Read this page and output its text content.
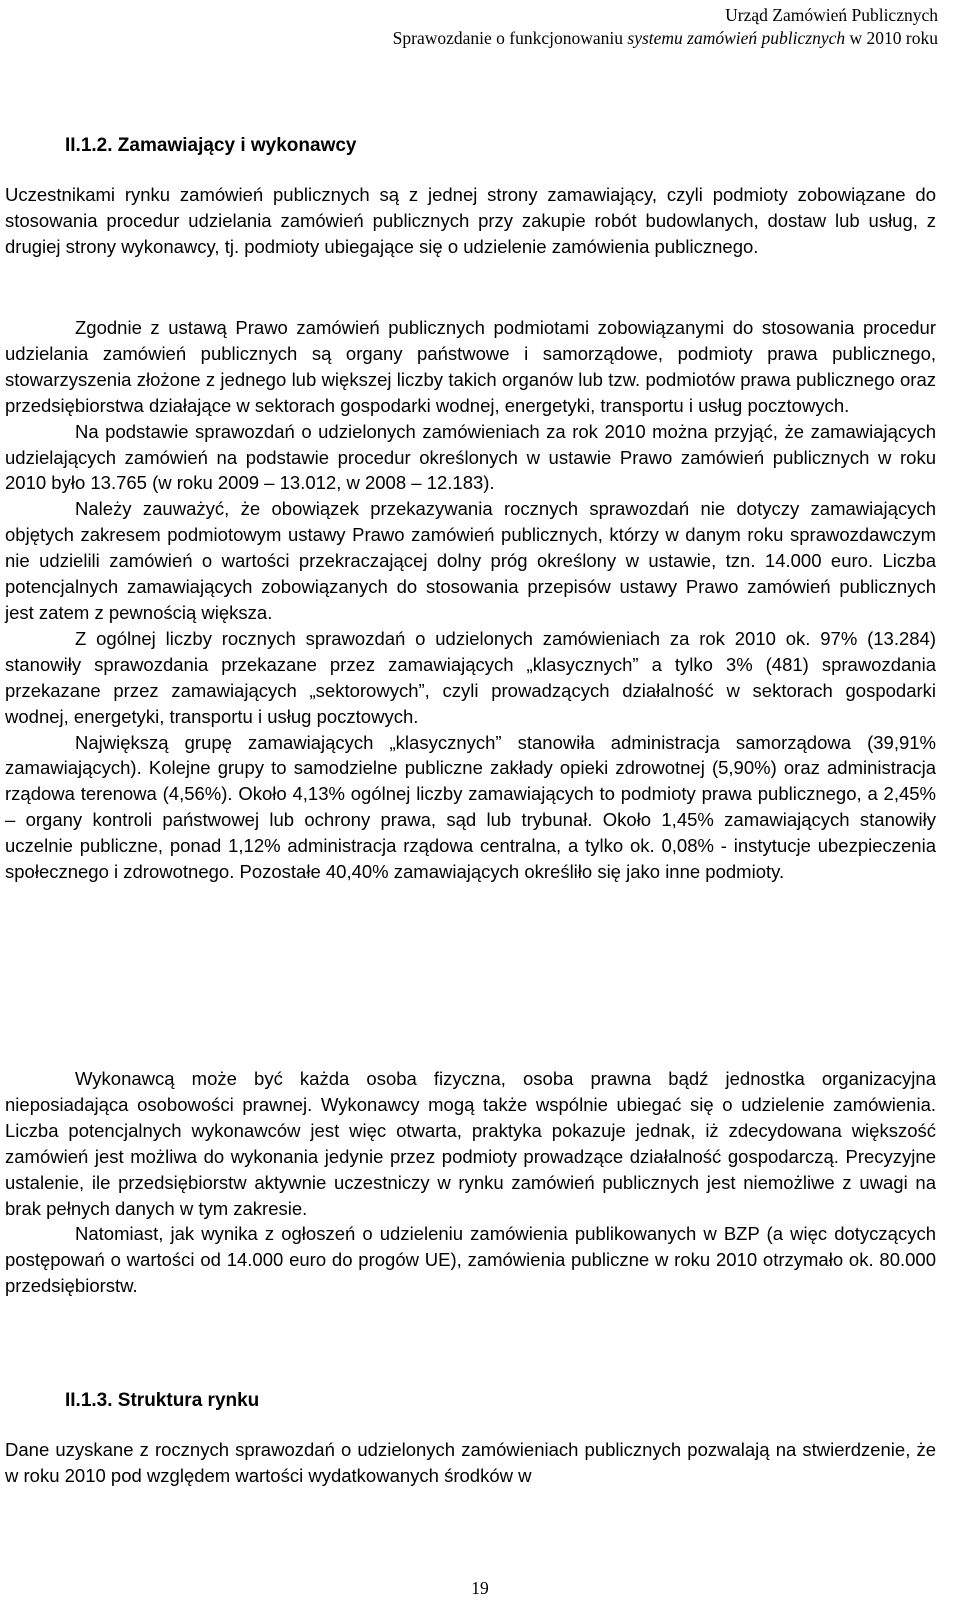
Urząd Zamówień Publicznych
Sprawozdanie o funkcjonowaniu systemu zamówień publicznych w 2010 roku
II.1.2. Zamawiający i wykonawcy

Uczestnikami rynku zamówień publicznych są z jednej strony zamawiający, czyli podmioty zobowiązane do stosowania procedur udzielania zamówień publicznych przy zakupie robót budowlanych, dostaw lub usług, z drugiej strony wykonawcy, tj. podmioty ubiegające się o udzielenie zamówienia publicznego.

Zgodnie z ustawą Prawo zamówień publicznych podmiotami zobowiązanymi do stosowania procedur udzielania zamówień publicznych są organy państwowe i samorządowe, podmioty prawa publicznego, stowarzyszenia złożone z jednego lub większej liczby takich organów lub tzw. podmiotów prawa publicznego oraz przedsiębiorstwa działające w sektorach gospodarki wodnej, energetyki, transportu i usług pocztowych.

Na podstawie sprawozdań o udzielonych zamówieniach za rok 2010 można przyjąć, że zamawiających udzielających zamówień na podstawie procedur określonych w ustawie Prawo zamówień publicznych w roku 2010 było 13.765 (w roku 2009 – 13.012, w 2008 – 12.183).

Należy zauważyć, że obowiązek przekazywania rocznych sprawozdań nie dotyczy zamawiających objętych zakresem podmiotowym ustawy Prawo zamówień publicznych, którzy w danym roku sprawozdawczym nie udzielili zamówień o wartości przekraczającej dolny próg określony w ustawie, tzn. 14.000 euro. Liczba potencjalnych zamawiających zobowiązanych do stosowania przepisów ustawy Prawo zamówień publicznych jest zatem z pewnością większa.

Z ogólnej liczby rocznych sprawozdań o udzielonych zamówieniach za rok 2010 ok. 97% (13.284) stanowiły sprawozdania przekazane przez zamawiających „klasycznych” a tylko 3% (481) sprawozdania przekazane przez zamawiających „sektorowych”, czyli prowadzących działalność w sektorach gospodarki wodnej, energetyki, transportu i usług pocztowych.

Największą grupę zamawiających „klasycznych” stanowiła administracja samorządowa (39,91% zamawiających). Kolejne grupy to samodzielne publiczne zakłady opieki zdrowotnej (5,90%) oraz administracja rządowa terenowa (4,56%). Około 4,13% ogólnej liczby zamawiających to podmioty prawa publicznego, a 2,45% – organy kontroli państwowej lub ochrony prawa, sąd lub trybunał. Około 1,45% zamawiających stanowiły uczelnie publiczne, ponad 1,12% administracja rządowa centralna, a tylko ok. 0,08% - instytucje ubezpieczenia społecznego i zdrowotnego. Pozostałe 40,40% zamawiających określiło się jako inne podmioty.

Wykonawcą może być każda osoba fizyczna, osoba prawna bądź jednostka organizacyjna nieposiadająca osobowości prawnej. Wykonawcy mogą także wspólnie ubiegać się o udzielenie zamówienia. Liczba potencjalnych wykonawców jest więc otwarta, praktyka pokazuje jednak, iż zdecydowana większość zamówień jest możliwa do wykonania jedynie przez podmioty prowadzące działalność gospodarczą. Precyzyjne ustalenie, ile przedsiębiorstw aktywnie uczestniczy w rynku zamówień publicznych jest niemożliwe z uwagi na brak pełnych danych w tym zakresie.

Natomiast, jak wynika z ogłoszeń o udzieleniu zamówienia publikowanych w BZP (a więc dotyczących postępowań o wartości od 14.000 euro do progów UE), zamówienia publiczne w roku 2010 otrzymało ok. 80.000 przedsiębiorstw.

II.1.3. Struktura rynku

Dane uzyskane z rocznych sprawozdań o udzielonych zamówieniach publicznych pozwalają na stwierdzenie, że w roku 2010 pod względem wartości wydatkowanych środków w

19
